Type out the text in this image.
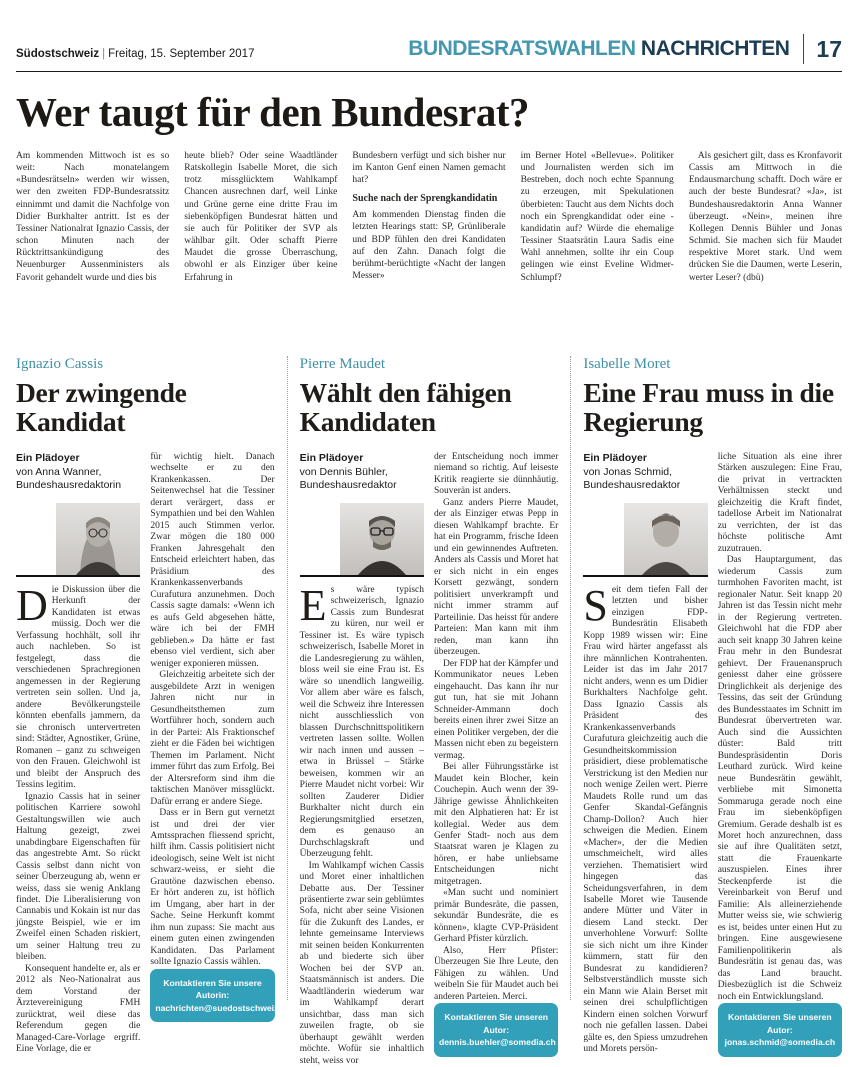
Südostschweiz | Freitag, 15. September 2017	BUNDESRATSWAHLEN NACHRICHTEN 17
Wer taugt für den Bundesrat?

Am kommenden Mittwoch ist es so weit: Nach monatelangem «Bundesrätseln» werden wir wissen, wer den zweiten FDP-Bundesratssitz einnimmt und damit die Nachfolge von Didier Burkhalter antritt. Ist es der Tessiner Nationalrat Ignazio Cassis, der schon Minuten nach der Rücktrittsankündigung des Neuenburger Aussenministers als Favorit gehandelt wurde und dies bis

heute blieb? Oder seine Waadtländer Ratskollegin Isabelle Moret, die sich trotz missglücktem Wahlkampf Chancen ausrechnen darf, weil Linke und Grüne gerne eine dritte Frau im siebenköpfigen Bundesrat hätten und sie auch für Politiker der SVP als wählbar gilt. Oder schafft Pierre Maudet die grosse Überraschung, obwohl er als Einziger über keine Erfahrung in

Bundesbern verfügt und sich bisher nur im Kanton Genf einen Namen gemacht hat?

Suche nach der Sprengkandidatin

Am kommenden Dienstag finden die letzten Hearings statt: SP, Grünliberale und BDP fühlen den drei Kandidaten auf den Zahn. Danach folgt die berühmt-berüchtigte «Nacht der langen Messer»

im Berner Hotel «Bellevue». Politiker und Journalisten werden sich im Bestreben, doch noch echte Spannung zu erzeugen, mit Spekulationen überbieten: Taucht aus dem Nichts doch noch ein Sprengkandidat oder eine -kandidatin auf? Würde die ehemalige Tessiner Staatsrätin Laura Sadis eine Wahl annehmen, sollte ihr ein Coup gelingen wie einst Eveline Widmer-Schlumpf?

Als gesichert gilt, dass es Kronfavorit Cassis am Mittwoch in die Endausmarchung schafft. Doch wäre er auch der beste Bundesrat? «Ja», ist Bundeshausredaktorin Anna Wanner überzeugt. «Nein», meinen ihre Kollegen Dennis Bühler und Jonas Schmid. Sie machen sich für Maudet respektive Moret stark. Und wem drücken Sie die Daumen, werte Leserin, werter Leser? (dbü)

Ignazio Cassis
Der zwingende Kandidat
Ein Plädoyer
von Anna Wanner,
Bundeshausredaktorin

Die Diskussion über die Herkunft der Kandidaten ist etwas müssig. Doch wer die Verfassung hochhält, soll ihr auch nachleben. So ist festgelegt, dass die verschiedenen Sprachregionen angemessen in der Regierung vertreten sein sollen. Und ja, andere Bevölkerungsteile könnten ebenfalls jammern, da sie chronisch untervertreten sind: Städter, Agnostiker, Grüne, Romanen – ganz zu schweigen von den Frauen. Gleichwohl ist und bleibt der Anspruch des Tessins legitim.

Ignazio Cassis hat in seiner politischen Karriere sowohl Gestaltungswillen wie auch Haltung gezeigt, zwei unabdingbare Eigenschaften für das angestrebte Amt. So rückt Cassis selbst dann nicht von seiner Überzeugung ab, wenn er weiss, dass sie wenig Anklang findet. Die Liberalisierung von Cannabis und Kokain ist nur das jüngste Beispiel, wie er im Zweifel einen Schaden riskiert, um seiner Haltung treu zu bleiben.

Konsequent handelte er, als er 2012 als Neo-Nationalrat aus dem Vorstand der Ärztevereinigung FMH zurücktrat, weil diese das Referendum gegen die Managed-Care-Vorlage ergriff. Eine Vorlage, die er

für wichtig hielt. Danach wechselte er zu den Krankenkassen. Der Seitenwechsel hat die Tessiner derart verärgert, dass er Sympathien und bei den Wahlen 2015 auch Stimmen verlor. Zwar mögen die 180 000 Franken Jahresgehalt den Entscheid erleichtert haben, das Präsidium des Krankenkassenverbands Curafutura anzunehmen. Doch Cassis sagte damals: «Wenn ich es aufs Geld abgesehen hätte, wäre ich bei der FMH geblieben.» Da hätte er fast ebenso viel verdient, sich aber weniger exponieren müssen.

Gleichzeitig arbeitete sich der ausgebildete Arzt in wenigen Jahren nicht nur in Gesundheitsthemen zum Wortführer hoch, sondern auch in der Partei: Als Fraktionschef zieht er die Fäden bei wichtigen Themen im Parlament. Nicht immer führt das zum Erfolg. Bei der Altersreform sind ihm die taktischen Manöver missglückt. Dafür errang er andere Siege.

Dass er in Bern gut vernetzt ist und drei der vier Amtssprachen fliessend spricht, hilft ihm. Cassis politisiert nicht ideologisch, seine Welt ist nicht schwarz-weiss, er sieht die Grautöne dazwischen ebenso. Er hört anderen zu, ist höflich im Umgang, aber hart in der Sache. Seine Herkunft kommt ihm nun zupass: Sie macht aus einem guten einen zwingenden Kandidaten. Das Parlament sollte Ignazio Cassis wählen.

Kontaktieren Sie unsere Autorin:
nachrichten@suedostschweiz.ch
Pierre Maudet
Wählt den fähigen Kandidaten
Ein Plädoyer
von Dennis Bühler,
Bundeshausredaktor

Es wäre typisch schweizerisch, Ignazio Cassis zum Bundesrat zu küren, nur weil er Tessiner ist. Es wäre typisch schweizerisch, Isabelle Moret in die Landesregierung zu wählen, bloss weil sie eine Frau ist. Es wäre so unendlich langweilig. Vor allem aber wäre es falsch, weil die Schweiz ihre Interessen nicht ausschliesslich von blassen Durchschnittspolitikern vertreten lassen sollte. Wollen wir nach innen und aussen – etwa in Brüssel – Stärke beweisen, kommen wir an Pierre Maudet nicht vorbei: Wir sollten Zauderer Didier Burkhalter nicht durch ein Regierungsmitglied ersetzen, dem es genauso an Durchschlagskraft und Überzeugung fehlt.

Im Wahlkampf wichen Cassis und Moret einer inhaltlichen Debatte aus. Der Tessiner präsentierte zwar sein geblümtes Sofa, nicht aber seine Visionen für die Zukunft des Landes, er lehnte gemeinsame Interviews mit seinen beiden Konkurrenten ab und biederte sich über Wochen bei der SVP an. Staatsmännisch ist anders. Die Waadtländerin wiederum war im Wahlkampf derart unsichtbar, dass man sich zuweilen fragte, ob sie überhaupt gewählt werden möchte. Wofür sie inhaltlich steht, weiss vor

der Entscheidung noch immer niemand so richtig. Auf leiseste Kritik reagierte sie dünnhäutig. Souverän ist anders.

Ganz anders Pierre Maudet, der als Einziger etwas Pepp in diesen Wahlkampf brachte. Er hat ein Programm, frische Ideen und ein gewinnendes Auftreten. Anders als Cassis und Moret hat er sich nicht in ein enges Korsett gezwängt, sondern politisiert unverkrampft und nicht immer stramm auf Parteilinie. Das heisst für andere Parteien: Man kann mit ihm reden, man kann ihn überzeugen.

Der FDP hat der Kämpfer und Kommunikator neues Leben eingehaucht. Das kann ihr nur gut tun, hat sie mit Johann Schneider-Ammann doch bereits einen ihrer zwei Sitze an einen Politiker vergeben, der die Massen nicht eben zu begeistern vermag.

Bei aller Führungsstärke ist Maudet kein Blocher, kein Couchepin. Auch wenn der 39-Jährige gewisse Ähnlichkeiten mit den Alphatieren hat: Er ist kollegial. Weder aus dem Genfer Stadt- noch aus dem Staatsrat waren je Klagen zu hören, er habe unliebsame Entscheidungen nicht mitgetragen.

«Man sucht und nominiert primär Bundesräte, die passen, sekundär Bundesräte, die es können», klagte CVP-Präsident Gerhard Pfister kürzlich.

Also, Herr Pfister: Überzeugen Sie Ihre Leute, den Fähigen zu wählen. Und weibeln Sie für Maudet auch bei anderen Parteien. Merci.

Kontaktieren Sie unseren Autor:
dennis.buehler@somedia.ch
Isabelle Moret
Eine Frau muss in die Regierung
Ein Plädoyer
von Jonas Schmid,
Bundeshausredaktor

Seit dem tiefen Fall der letzten und bisher einzigen FDP-Bundesrätin Elisabeth Kopp 1989 wissen wir: Eine Frau wird härter angefasst als ihre männlichen Kontrahenten. Leider ist das im Jahr 2017 nicht anders, wenn es um Didier Burkhalters Nachfolge geht. Dass Ignazio Cassis als Präsident des Krankenkassenverbands Curafutura gleichzeitig auch die Gesundheitskommission präsidiert, diese problematische Verstrickung ist den Medien nur noch wenige Zeilen wert. Pierre Maudets Rolle rund um das Genfer Skandal-Gefängnis Champ-Dollon? Auch hier schweigen die Medien. Einem «Macher», der die Medien umschmeichelt, wird alles verziehen. Thematisiert wird hingegen das Scheidungsverfahren, in dem Isabelle Moret wie Tausende andere Mütter und Väter in diesem Land steckt. Der unverhohlene Vorwurf: Sollte sie sich nicht um ihre Kinder kümmern, statt für den Bundesrat zu kandidieren? Selbstverständlich musste sich ein Mann wie Alain Berset mit seinen drei schulpflichtigen Kindern einen solchen Vorwurf noch nie gefallen lassen. Dabei gälte es, den Spiess umzudrehen und Morets persön-

liche Situation als eine ihrer Stärken auszulegen: Eine Frau, die privat in vertrackten Verhältnissen steckt und gleichzeitig die Kraft findet, tadellose Arbeit im Nationalrat zu verrichten, der ist das höchste politische Amt zuzutrauen.

Das Hauptargument, das wiederum Cassis zum turmhohen Favoriten macht, ist regionaler Natur. Seit knapp 20 Jahren ist das Tessin nicht mehr in der Regierung vertreten. Gleichwohl hat die FDP aber auch seit knapp 30 Jahren keine Frau mehr in den Bundesrat gehievt. Der Frauenanspruch geniesst daher eine grössere Dringlichkeit als derjenige des Tessins, das seit der Gründung des Bundesstaates im Schnitt im Bundesrat übervertreten war. Auch sind die Aussichten düster: Bald tritt Bundespräsidentin Doris Leuthard zurück. Wird keine neue Bundesrätin gewählt, verbliebe mit Simonetta Sommaruga gerade noch eine Frau im siebenköpfigen Gremium. Gerade deshalb ist es Moret hoch anzurechnen, dass sie auf ihre Qualitäten setzt, statt die Frauenkarte auszuspielen. Eines ihrer Steckenpferde ist die Vereinbarkeit von Beruf und Familie: Als alleinerziehende Mutter weiss sie, wie schwierig es ist, beides unter einen Hut zu bringen. Eine ausgewiesene Familienpolitikerin als Bundesrätin ist genau das, was das Land braucht. Diesbezüglich ist die Schweiz noch ein Entwicklungsland.

Kontaktieren Sie unseren Autor:
jonas.schmid@somedia.ch
